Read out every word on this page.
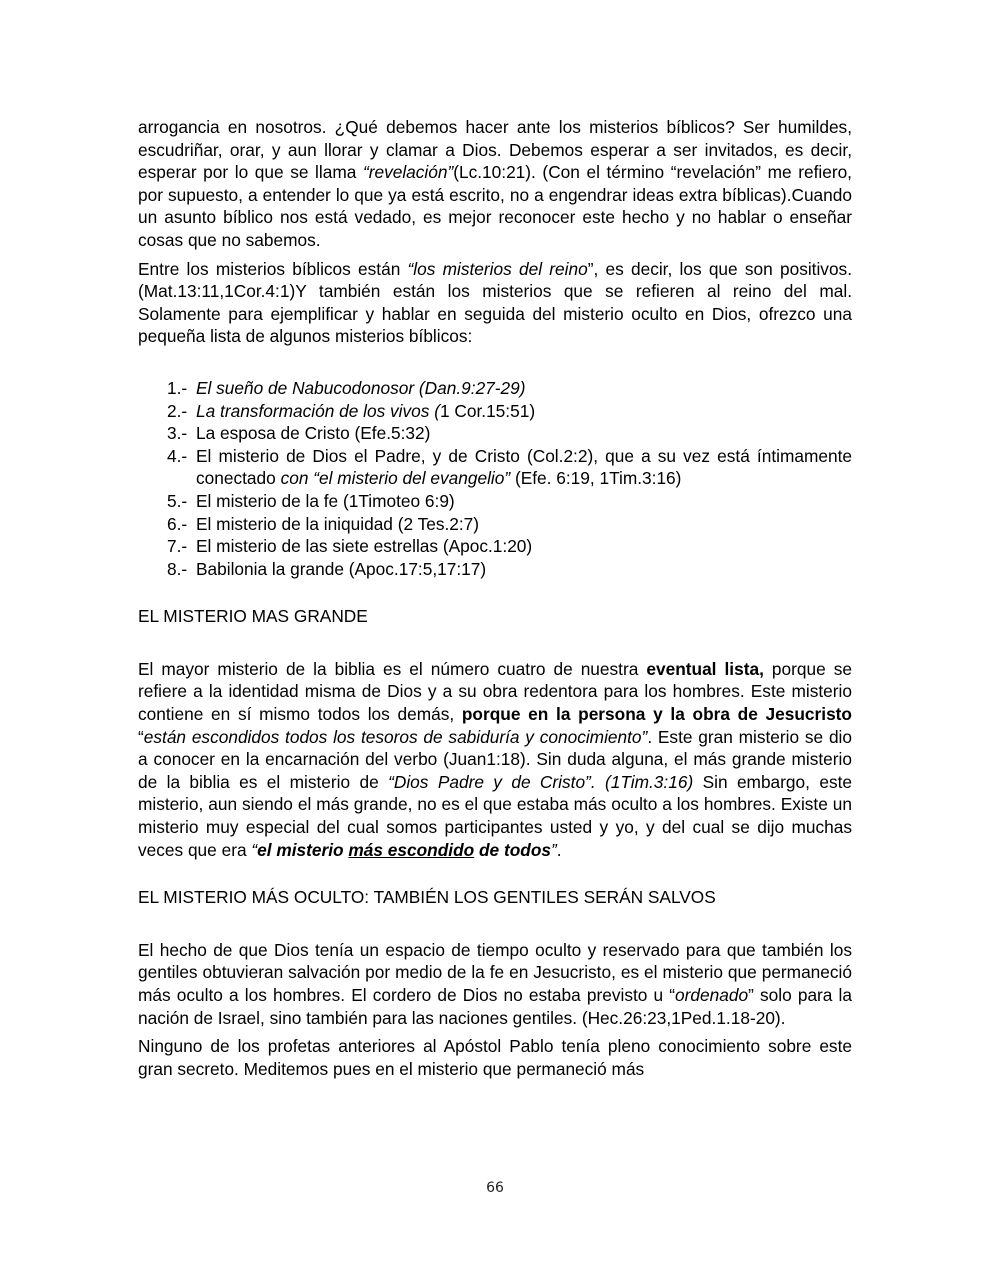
arrogancia en nosotros. ¿Qué debemos hacer ante los misterios bíblicos? Ser humildes, escudriñar, orar, y aun llorar y clamar a Dios. Debemos esperar a ser invitados, es decir, esperar por lo que se llama “revelación”(Lc.10:21). (Con el término “revelación” me refiero, por supuesto, a entender lo que ya está escrito, no a engendrar ideas extra bíblicas).Cuando un asunto bíblico nos está vedado, es mejor reconocer este hecho y no hablar o enseñar cosas que no sabemos.

Entre los misterios bíblicos están “los misterios del reino”, es decir, los que son positivos. (Mat.13:11,1Cor.4:1)Y también están los misterios que se refieren al reino del mal. Solamente para ejemplificar y hablar en seguida del misterio oculto en Dios, ofrezco una pequeña lista de algunos misterios bíblicos:

1.- El sueño de Nabucodonosor (Dan.9:27-29)
2.- La transformación de los vivos (1 Cor.15:51)
3.- La esposa de Cristo (Efe.5:32)
4.- El misterio de Dios el Padre, y de Cristo (Col.2:2), que a su vez está íntimamente conectado con “el misterio del evangelio” (Efe. 6:19, 1Tim.3:16)
5.- El misterio de la fe (1Timoteo 6:9)
6.- El misterio de la iniquidad (2 Tes.2:7)
7.- El misterio de las siete estrellas (Apoc.1:20)
8.- Babilonia la grande (Apoc.17:5,17:17)

EL MISTERIO MAS GRANDE

El mayor misterio de la biblia es el número cuatro de nuestra eventual lista, porque se refiere a la identidad misma de Dios y a su obra redentora para los hombres. Este misterio contiene en sí mismo todos los demás, porque en la persona y la obra de Jesucristo “están escondidos todos los tesoros de sabiduría y conocimiento”. Este gran misterio se dio a conocer en la encarnación del verbo (Juan1:18). Sin duda alguna, el más grande misterio de la biblia es el misterio de “Dios Padre y de Cristo”. (1Tim.3:16) Sin embargo, este misterio, aun siendo el más grande, no es el que estaba más oculto a los hombres. Existe un misterio muy especial del cual somos participantes usted y yo, y del cual se dijo muchas veces que era “el misterio más escondido de todos”.

EL MISTERIO MÁS OCULTO: TAMBIÉN LOS GENTILES SERÁN SALVOS

El hecho de que Dios tenía un espacio de tiempo oculto y reservado para que también los gentiles obtuvieran salvación por medio de la fe en Jesucristo, es el misterio que permaneció más oculto a los hombres. El cordero de Dios no estaba previsto u “ordenado” solo para la nación de Israel, sino también para las naciones gentiles. (Hec.26:23,1Ped.1.18-20).

Ninguno de los profetas anteriores al Apóstol Pablo tenía pleno conocimiento sobre este gran secreto. Meditemos pues en el misterio que permaneció más

66
